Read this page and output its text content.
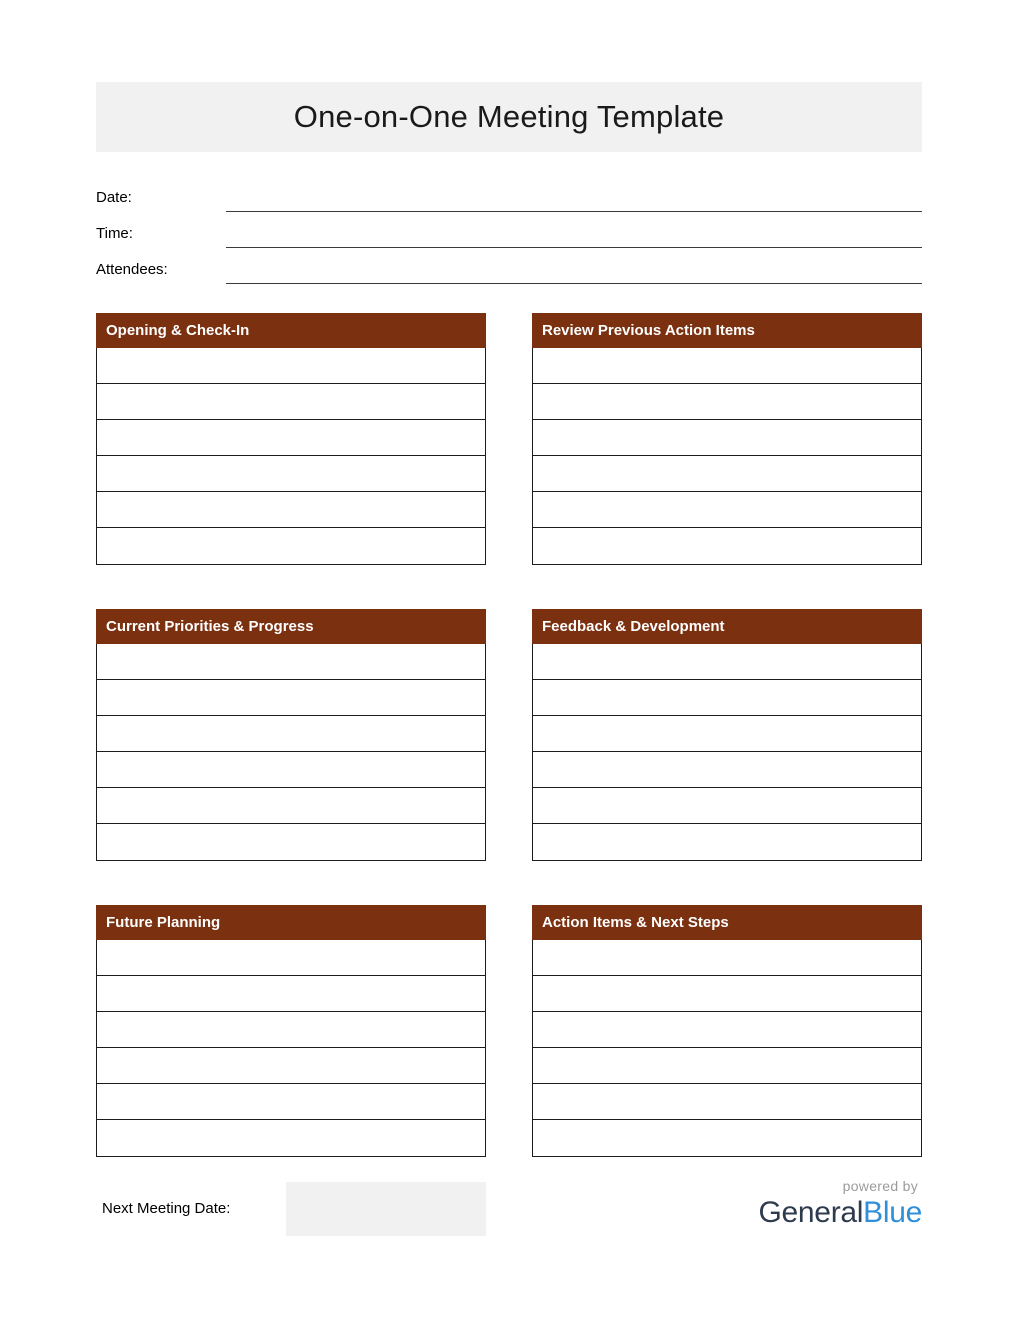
One-on-One Meeting Template
Date:
Time:
Attendees:
Opening & Check-In	Review Previous Action Items
Current Priorities & Progress	Feedback & Development
Future Planning	Action Items & Next Steps
Next Meeting Date:
powered by
GeneralBlue
